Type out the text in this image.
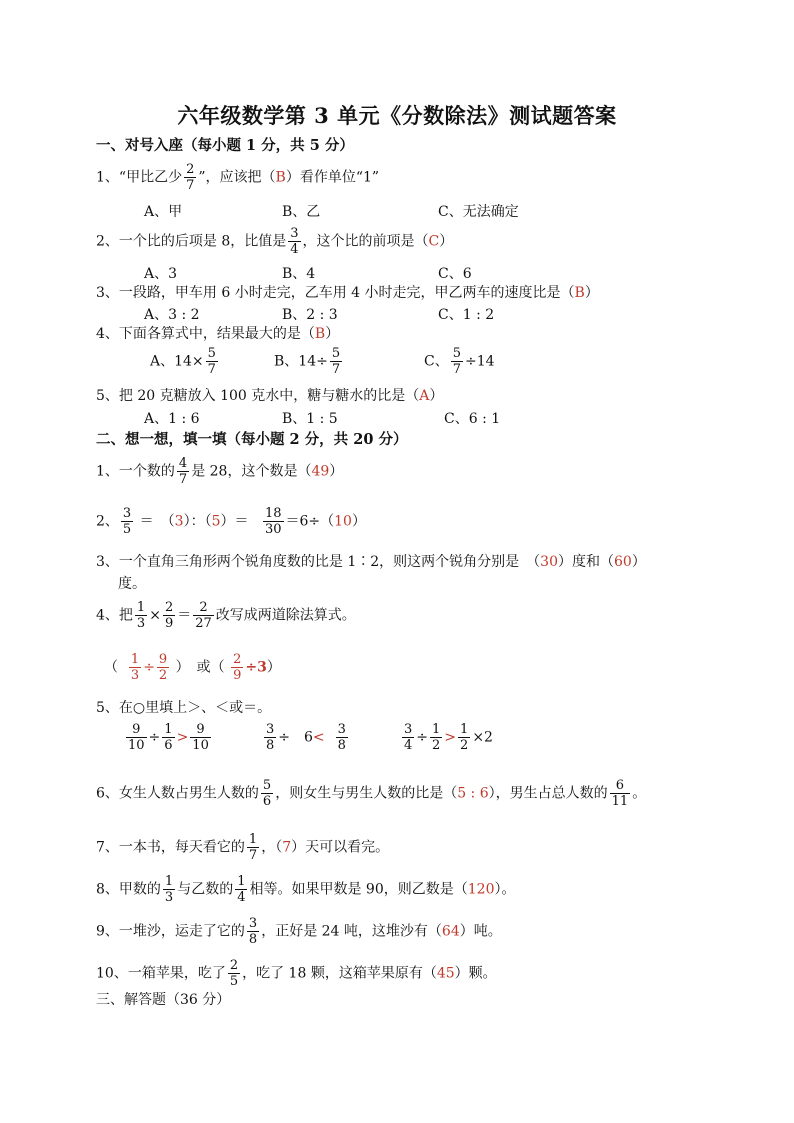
六年级数学第 3 单元《分数除法》测试题答案
一、对号入座（每小题 1 分，共 5 分）
1、“甲比乙少 $\frac{2}{7}$ ”，应该把（B）看作单位“1”
A、甲	B、乙	C、无法确定
2、一个比的后项是 8，比值是 $\frac{3}{4}$ ，这个比的前项是（C）
A、3	B、4	C、6
3、一段路，甲车用 6 小时走完，乙车用 4 小时走完，甲乙两车的速度比是（B）
A、3 : 2	B、2 : 3	C、1 : 2
4、下面各算式中，结果最大的是（B）
A、$14\times \frac{5}{7}$	B、$14\div \frac{5}{7}$	C、 $\frac{5}{7} \div 14$
5、把 20 克糖放入 100 克水中，糖与糖水的比是（A）
A、1 : 6	B、1 : 5	C、6 : 1
二、想一想，填一填（每小题 2 分，共 20 分）
1、一个数的 $\frac{4}{7}$ 是 28，这个数是（49）
2、 $\frac{3}{5}$ ＝　（3）：$(5)= \frac{18}{30} =6\div(10)$
3、一个直角三角形两个锐角度数的比是 1∶2，则这两个锐角分别是　（30）度和（60）
度。
4、把 $\frac{1}{3} \times \frac{2}{9} = \frac{2}{27}$ 改写成两道除法算式。
（ $\frac{1}{3} \div \frac{9}{2}$ ）　或（ $\frac{2}{9} \div 3$）
5、在○里填上＞、＜或＝。
$\frac{9}{10} \div \frac{1}{6} > \frac{9}{10}$	$\frac{3}{8}$ ÷　$6< \frac{3}{8}$	$\frac{3}{4} \div \frac{1}{2} > \frac{1}{2} \times 2$
6、女生人数占男生人数的 $\frac{5}{6}$ ，则女生与男生人数的比是（5 : 6），男生占总人数的 $\frac{6}{11}$ 。
7、一本书，每天看它的 $\frac{1}{7}$ ，（7）天可以看完。
8、甲数的 $\frac{1}{3}$ 与乙数的 $\frac{1}{4}$ 相等。如果甲数是 90，则乙数是（120）。
9、一堆沙，运走了它的 $\frac{3}{8}$ ，正好是 24 吨，这堆沙有（64）吨。
10、一箱苹果，吃了 $\frac{2}{5}$ ，吃了 18 颗，这箱苹果原有（45）颗。
三、解答题（36 分）
